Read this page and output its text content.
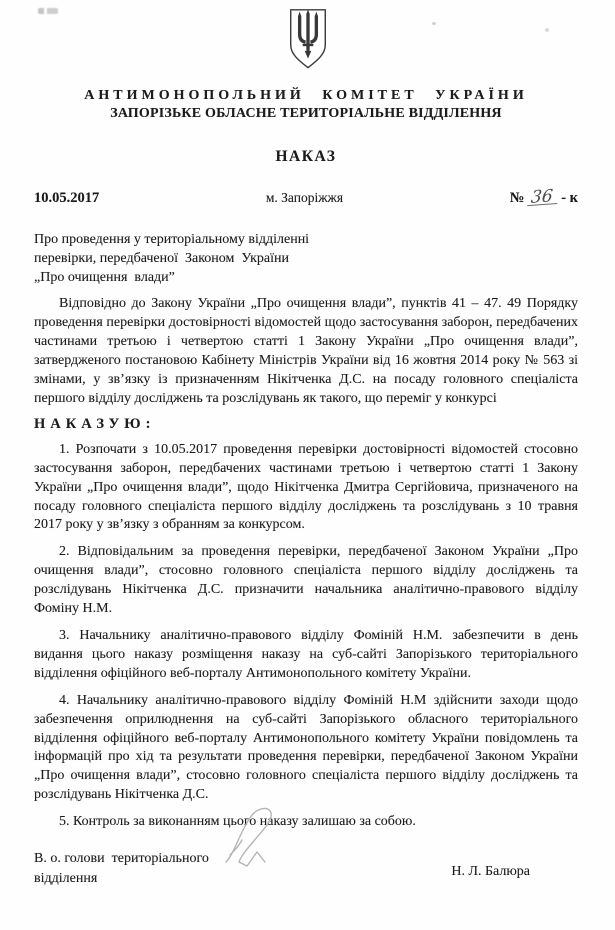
АНТИМОНОПОЛЬНИЙ КОМІТЕТ УКРАЇНИ
ЗАПОРІЗЬКЕ ОБЛАСНЕ ТЕРИТОРІАЛЬНЕ ВІДДІЛЕННЯ
НАКАЗ
10.05.2017	м. Запоріжжя	№ 36 - к
Про проведення у територіальному відділенні
перевірки, передбаченої  Законом  України
„Про очищення  влади”

Відповідно до Закону України „Про очищення влади”, пунктів 41 – 47. 49 Порядку проведення перевірки достовірності відомостей щодо застосування заборон, передбачених частинами третьою і четвертою статті 1 Закону України „Про очищення влади”, затвердженого постановою Кабінету Міністрів України від 16 жовтня 2014 року № 563 зі змінами, у зв’язку із призначенням Нікітченка Д.С. на посаду головного спеціаліста першого відділу досліджень та розслідувань як такого, що переміг у конкурсі

НАКАЗУЮ:

1. Розпочати з 10.05.2017 проведення перевірки достовірності відомостей стосовно застосування заборон, передбачених частинами третьою і четвертою статті 1 Закону України „Про очищення влади”, щодо Нікітченка Дмитра Сергійовича, призначеного на посаду головного спеціаліста першого відділу досліджень та розслідувань з 10 травня 2017 року у зв’язку з обранням за конкурсом.

2. Відповідальним за проведення перевірки, передбаченої Законом України „Про очищення влади”, стосовно головного спеціаліста першого відділу досліджень та розслідувань Нікітченка Д.С. призначити начальника аналітично-правового відділу Фоміну Н.М.

3. Начальнику аналітично-правового відділу Фоміній Н.М. забезпечити в день видання цього наказу розміщення наказу на суб-сайті Запорізького територіального відділення офіційного веб-порталу Антимонопольного комітету України.

4. Начальнику аналітично-правового відділу Фоміній Н.М здійснити заходи щодо забезпечення оприлюднення на суб-сайті Запорізького обласного територіального відділення офіційного веб-порталу Антимонопольного комітету України повідомлень та інформацій про хід та результати проведення перевірки, передбаченої Законом України „Про очищення влади”, стосовно головного спеціаліста першого відділу досліджень та розслідувань Нікітченка Д.С.

5. Контроль за виконанням цього наказу залишаю за собою.

В. о. голови  територіального
відділення	Н. Л. Балюра
